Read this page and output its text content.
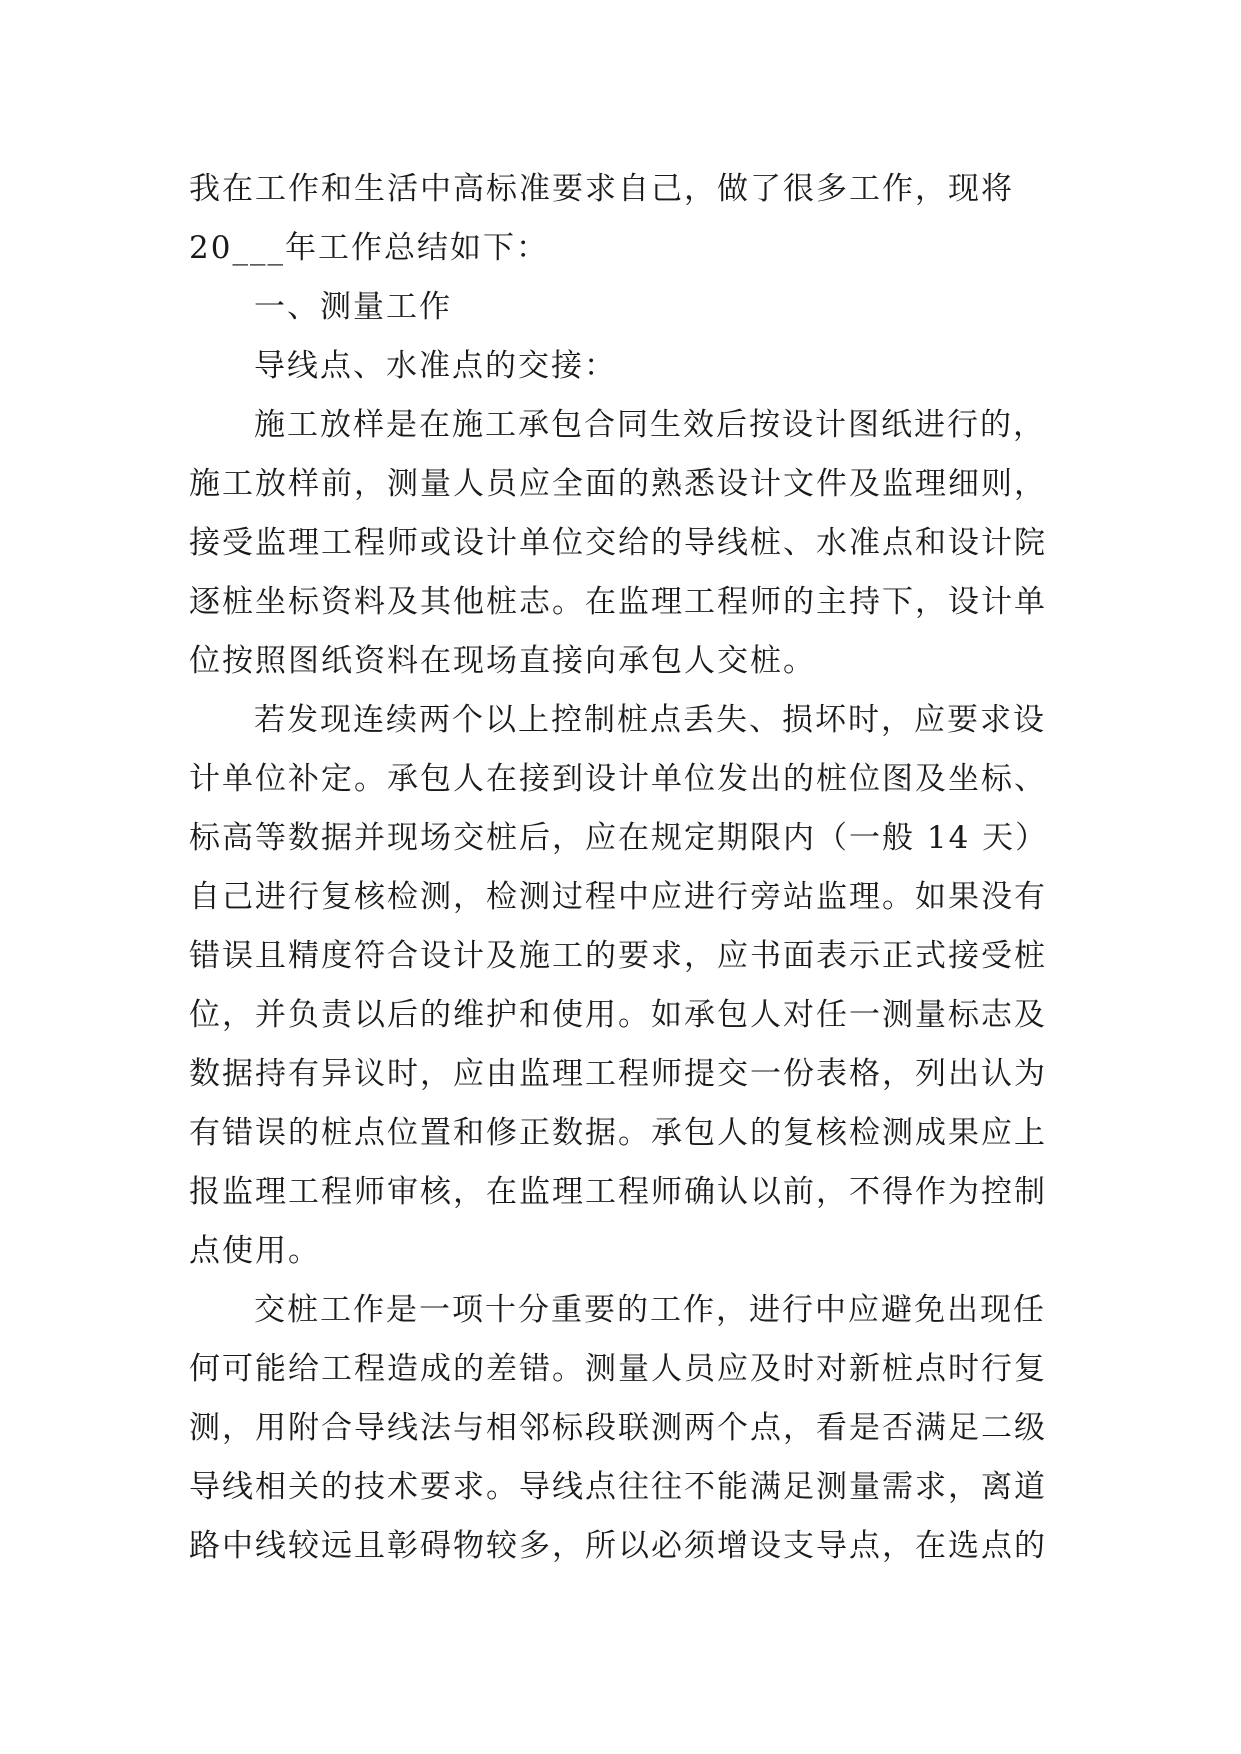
我在工作和生活中高标准要求自己，做了很多工作，现将
20___年工作总结如下：
一、测量工作
导线点、水准点的交接：
施工放样是在施工承包合同生效后按设计图纸进行的，
施工放样前，测量人员应全面的熟悉设计文件及监理细则，
接受监理工程师或设计单位交给的导线桩、水准点和设计院
逐桩坐标资料及其他桩志。在监理工程师的主持下，设计单
位按照图纸资料在现场直接向承包人交桩。
若发现连续两个以上控制桩点丢失、损坏时，应要求设
计单位补定。承包人在接到设计单位发出的桩位图及坐标、
标高等数据并现场交桩后，应在规定期限内（一般 14 天）
自己进行复核检测，检测过程中应进行旁站监理。如果没有
错误且精度符合设计及施工的要求，应书面表示正式接受桩
位，并负责以后的维护和使用。如承包人对任一测量标志及
数据持有异议时，应由监理工程师提交一份表格，列出认为
有错误的桩点位置和修正数据。承包人的复核检测成果应上
报监理工程师审核，在监理工程师确认以前，不得作为控制
点使用。
交桩工作是一项十分重要的工作，进行中应避免出现任
何可能给工程造成的差错。测量人员应及时对新桩点时行复
测，用附合导线法与相邻标段联测两个点，看是否满足二级
导线相关的技术要求。导线点往往不能满足测量需求，离道
路中线较远且彰碍物较多，所以必须增设支导点，在选点的
